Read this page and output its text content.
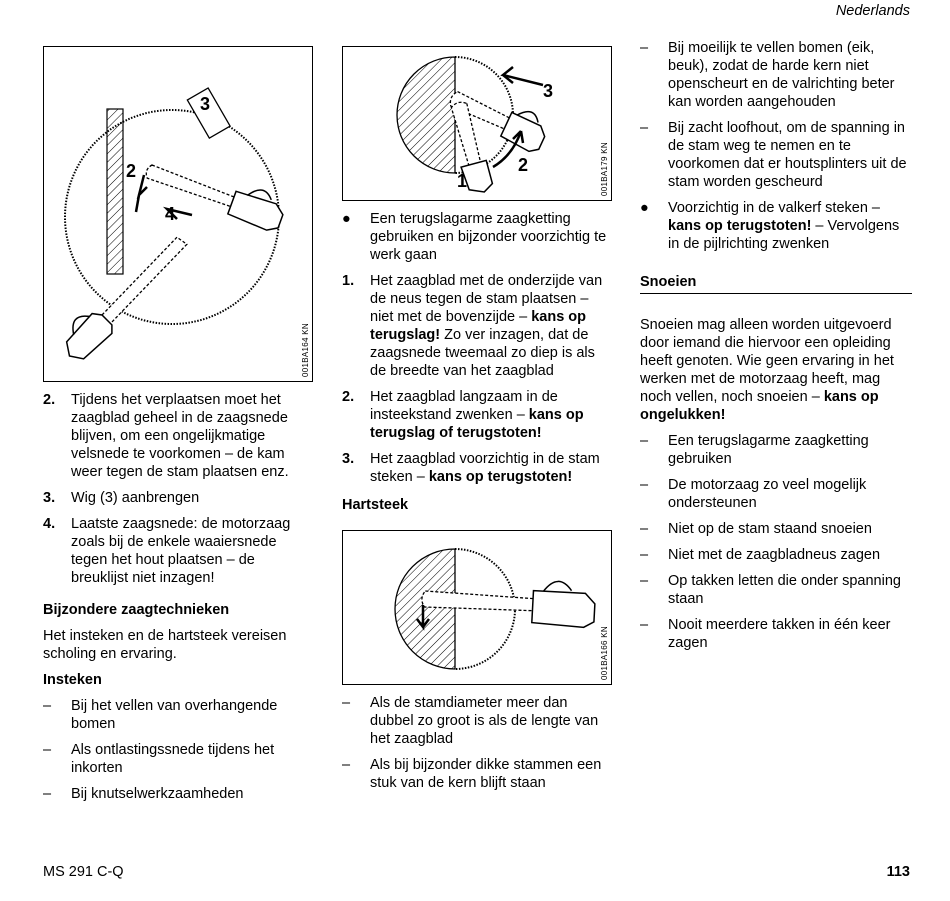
Nederlands
3
2
4
001BA164 KN
2.	Tijdens het verplaatsen moet het zaagblad geheel in de zaagsnede blijven, om een ongelijkmatige velsnede te voorkomen – de kam weer tegen de stam plaatsen enz.
3.	Wig (3) aanbrengen
4.	Laatste zaagsnede: de motorzaag zoals bij de enkele waaiersnede tegen het hout plaatsen – de breuklijst niet inzagen!
Bijzondere zaagtechnieken
Het insteken en de hartsteek vereisen scholing en ervaring.
Insteken
–	Bij het vellen van overhangende bomen
–	Als ontlastingssnede tijdens het inkorten
–	Bij knutselwerkzaamheden
3
1
2	001BA179 KN
●	Een terugslagarme zaagketting gebruiken en bijzonder voorzichtig te werk gaan
1.	Het zaagblad met de onderzijde van de neus tegen de stam plaatsen – niet met de bovenzijde – kans op terugslag! Zo ver inzagen, dat de zaagsnede tweemaal zo diep is als de breedte van het zaagblad
2.	Het zaagblad langzaam in de insteekstand zwenken – kans op terugslag of terugstoten!
3.	Het zaagblad voorzichtig in de stam steken – kans op terugstoten!
Hartsteek
001BA166 KN
–	Als de stamdiameter meer dan dubbel zo groot is als de lengte van het zaagblad
–	Als bij bijzonder dikke stammen een stuk van de kern blijft staan
–	Bij moeilijk te vellen bomen (eik, beuk), zodat de harde kern niet openscheurt en de valrichting beter kan worden aangehouden
–	Bij zacht loofhout, om de spanning in de stam weg te nemen en te voorkomen dat er houtsplinters uit de stam worden gescheurd
●	Voorzichtig in de valkerf steken – kans op terugstoten! – Vervolgens in de pijlrichting zwenken
Snoeien
Snoeien mag alleen worden uitgevoerd door iemand die hiervoor een opleiding heeft genoten. Wie geen ervaring in het werken met de motorzaag heeft, mag noch vellen, noch snoeien – kans op ongelukken!
–	Een terugslagarme zaagketting gebruiken
–	De motorzaag zo veel mogelijk ondersteunen
–	Niet op de stam staand snoeien
–	Niet met de zaagbladneus zagen
–	Op takken letten die onder spanning staan
–	Nooit meerdere takken in één keer zagen
MS 291 C-Q	113
